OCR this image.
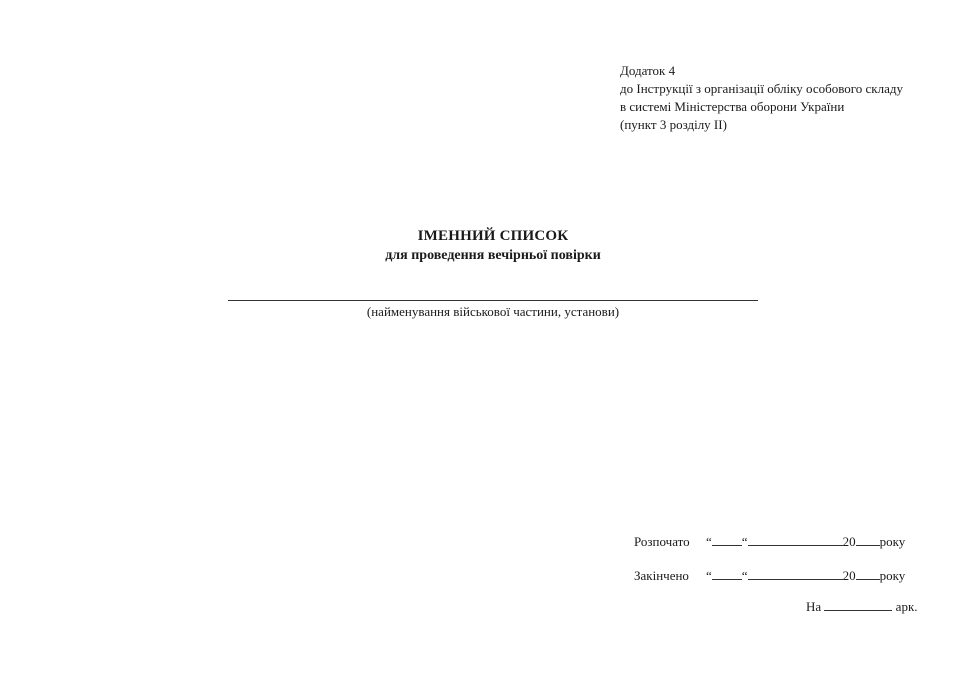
Додаток 4
до Інструкції з організації обліку особового складу
в системі Міністерства оборони України
(пункт 3 розділу II)
ІМЕННИЙ СПИСОК
для проведення вечірньої повірки
(найменування військової частини, установи)
Розпочато “ “	20 року
Закінчено “ “	20 року
На	арк.
